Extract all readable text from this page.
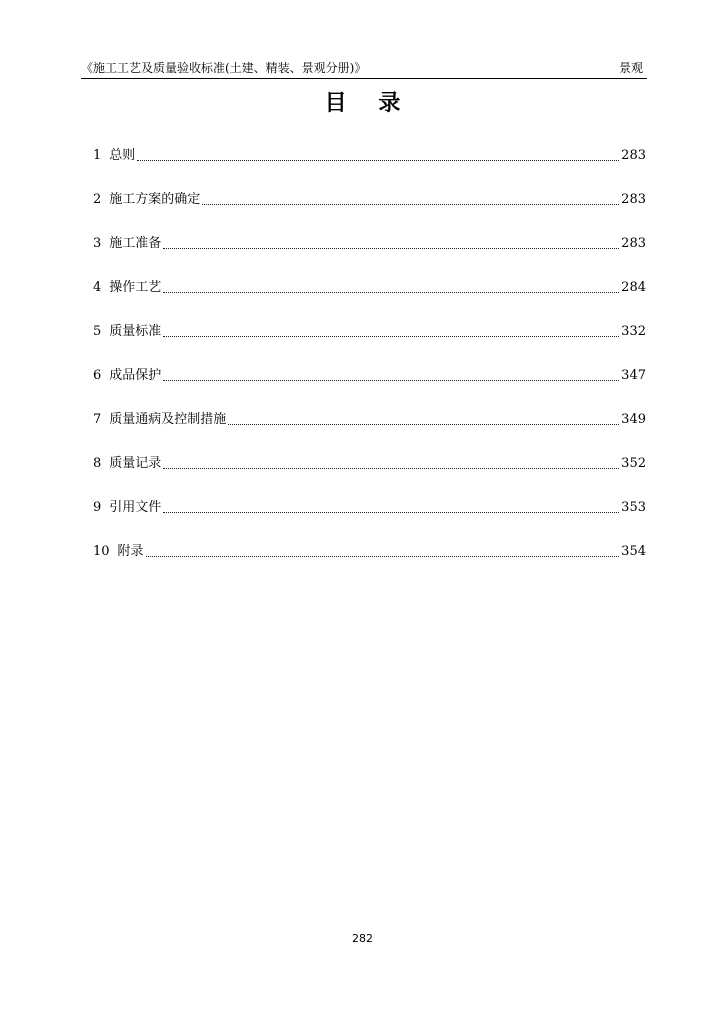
《施工工艺及质量验收标准(土建、精装、景观分册)》	景观
目 录
1 总则	283
2 施工方案的确定	283
3 施工准备	283
4 操作工艺	284
5 质量标准	332
6 成品保护	347
7 质量通病及控制措施	349
8 质量记录	352
9 引用文件	353
10 附录	354
282
